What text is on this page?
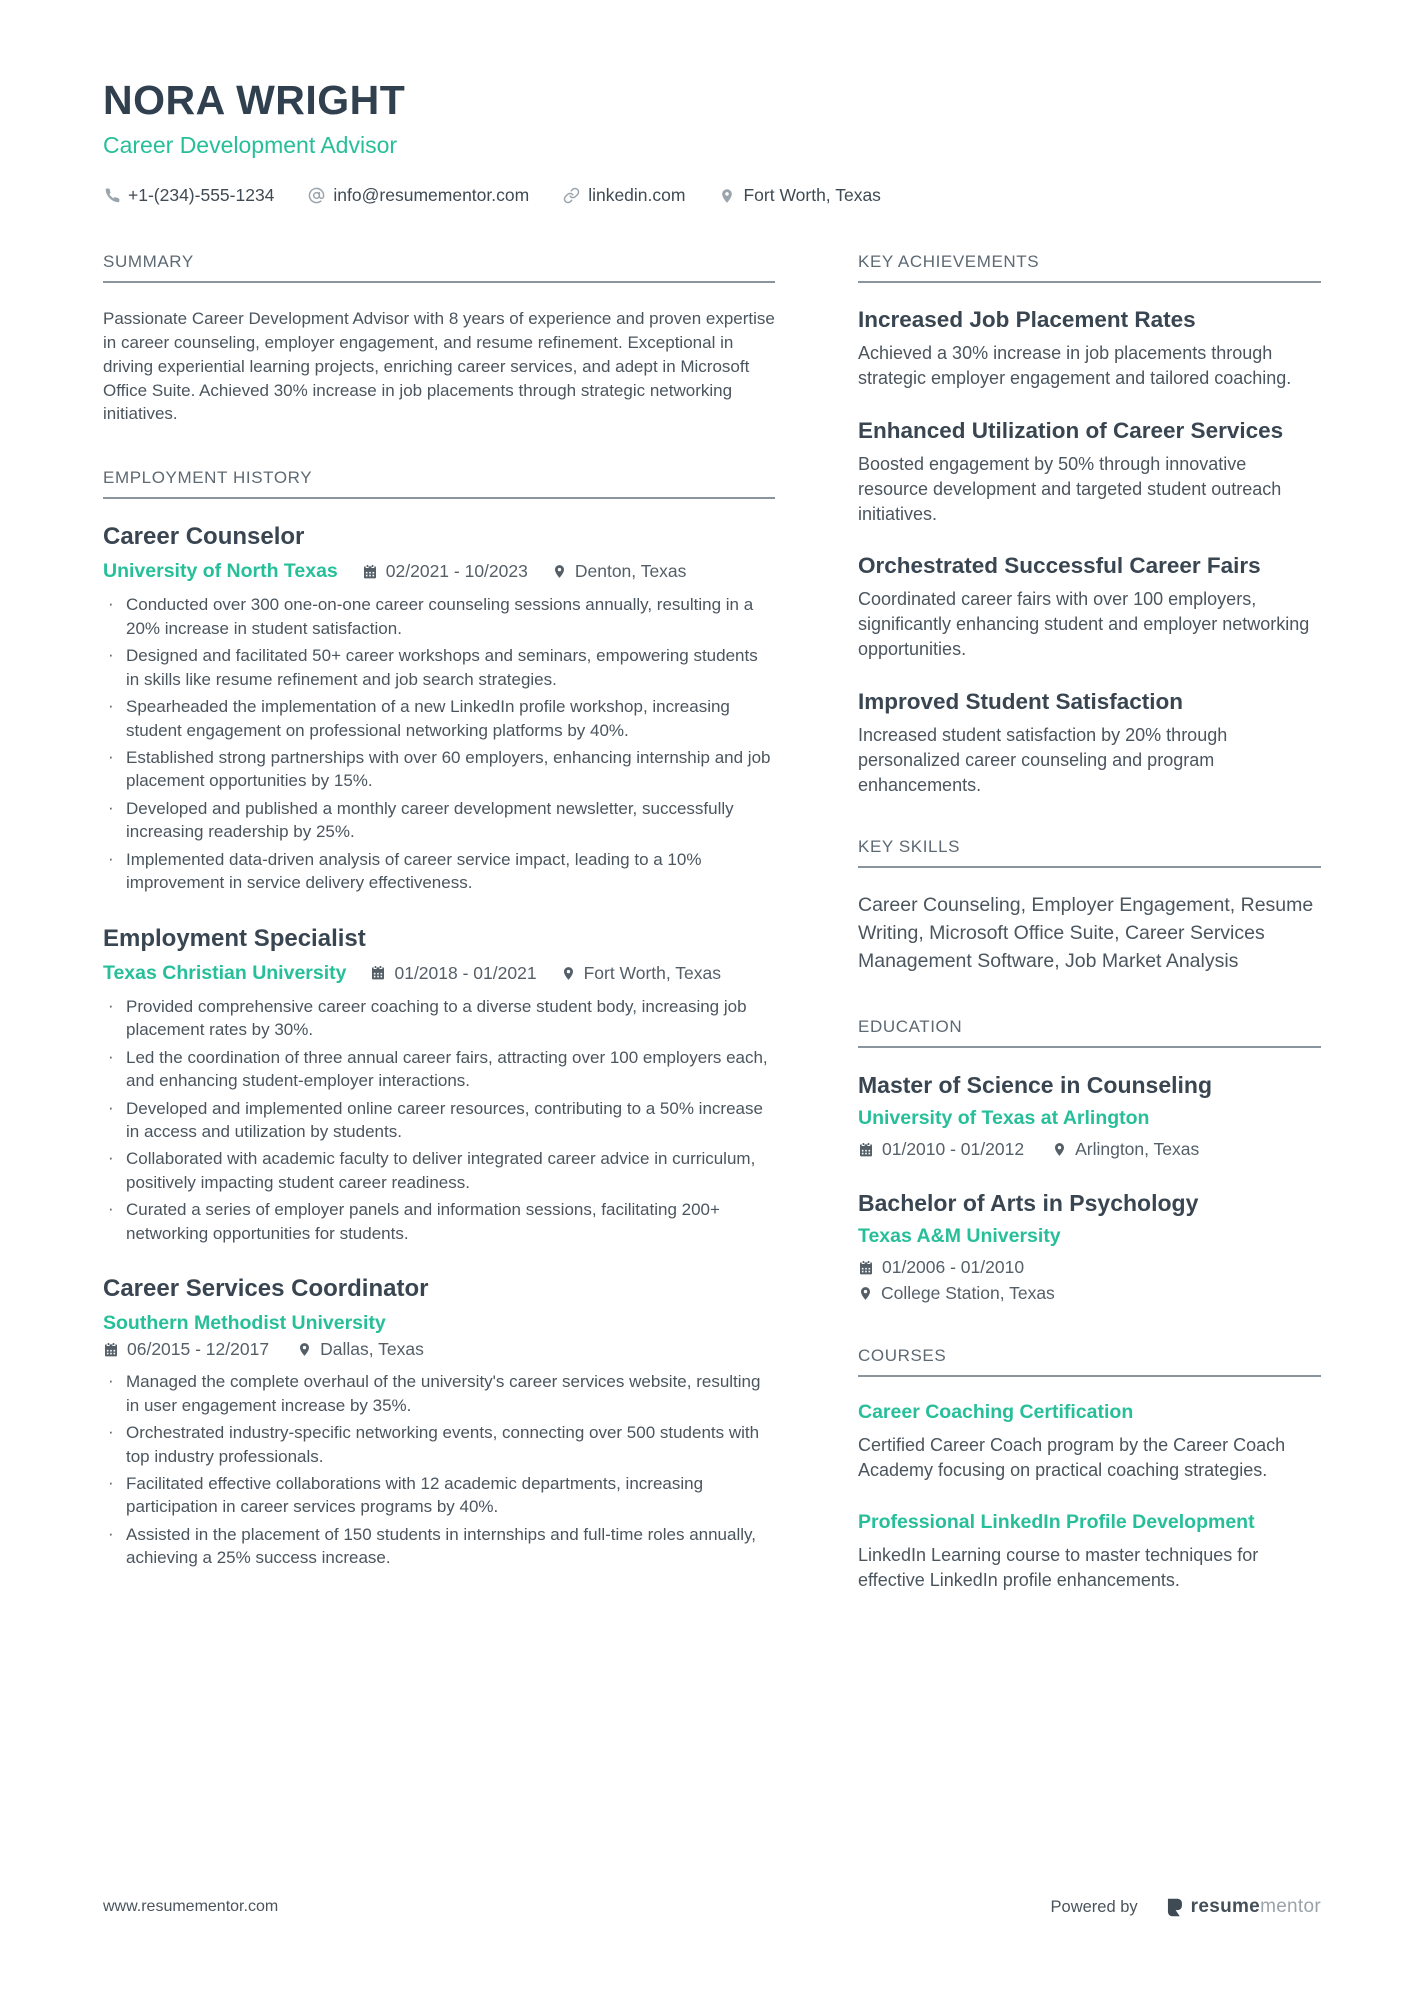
NORA WRIGHT
Career Development Advisor
+1-(234)-555-1234	info@resumementor.com	linkedin.com	Fort Worth, Texas
SUMMARY

Passionate Career Development Advisor with 8 years of experience and proven expertise in career counseling, employer engagement, and resume refinement. Exceptional in driving experiential learning projects, enriching career services, and adept in Microsoft Office Suite. Achieved 30% increase in job placements through strategic networking initiatives.

EMPLOYMENT HISTORY
Career Counselor
University of North Texas	02/2021 - 10/2023	Denton, Texas
· Conducted over 300 one-on-one career counseling sessions annually, resulting in a 20% increase in student satisfaction.
· Designed and facilitated 50+ career workshops and seminars, empowering students in skills like resume refinement and job search strategies.
· Spearheaded the implementation of a new LinkedIn profile workshop, increasing student engagement on professional networking platforms by 40%.
· Established strong partnerships with over 60 employers, enhancing internship and job placement opportunities by 15%.
· Developed and published a monthly career development newsletter, successfully increasing readership by 25%.
· Implemented data-driven analysis of career service impact, leading to a 10% improvement in service delivery effectiveness.
Employment Specialist
Texas Christian University	01/2018 - 01/2021	Fort Worth, Texas
· Provided comprehensive career coaching to a diverse student body, increasing job placement rates by 30%.
· Led the coordination of three annual career fairs, attracting over 100 employers each, and enhancing student-employer interactions.
· Developed and implemented online career resources, contributing to a 50% increase in access and utilization by students.
· Collaborated with academic faculty to deliver integrated career advice in curriculum, positively impacting student career readiness.
· Curated a series of employer panels and information sessions, facilitating 200+ networking opportunities for students.
Career Services Coordinator
Southern Methodist University
06/2015 - 12/2017	Dallas, Texas
· Managed the complete overhaul of the university's career services website, resulting in user engagement increase by 35%.
· Orchestrated industry-specific networking events, connecting over 500 students with top industry professionals.
· Facilitated effective collaborations with 12 academic departments, increasing participation in career services programs by 40%.
· Assisted in the placement of 150 students in internships and full-time roles annually, achieving a 25% success increase.
KEY ACHIEVEMENTS
Increased Job Placement Rates
Achieved a 30% increase in job placements through strategic employer engagement and tailored coaching.
Enhanced Utilization of Career Services
Boosted engagement by 50% through innovative resource development and targeted student outreach initiatives.
Orchestrated Successful Career Fairs
Coordinated career fairs with over 100 employers, significantly enhancing student and employer networking opportunities.
Improved Student Satisfaction
Increased student satisfaction by 20% through personalized career counseling and program enhancements.
KEY SKILLS

Career Counseling, Employer Engagement, Resume Writing, Microsoft Office Suite, Career Services Management Software, Job Market Analysis

EDUCATION
Master of Science in Counseling
University of Texas at Arlington
01/2010 - 01/2012	Arlington, Texas
Bachelor of Arts in Psychology
Texas A&M University
01/2006 - 01/2010
College Station, Texas
COURSES
Career Coaching Certification
Certified Career Coach program by the Career Coach Academy focusing on practical coaching strategies.
Professional LinkedIn Profile Development
LinkedIn Learning course to master techniques for effective LinkedIn profile enhancements.
www.resumementor.com	Powered by	resumementor
